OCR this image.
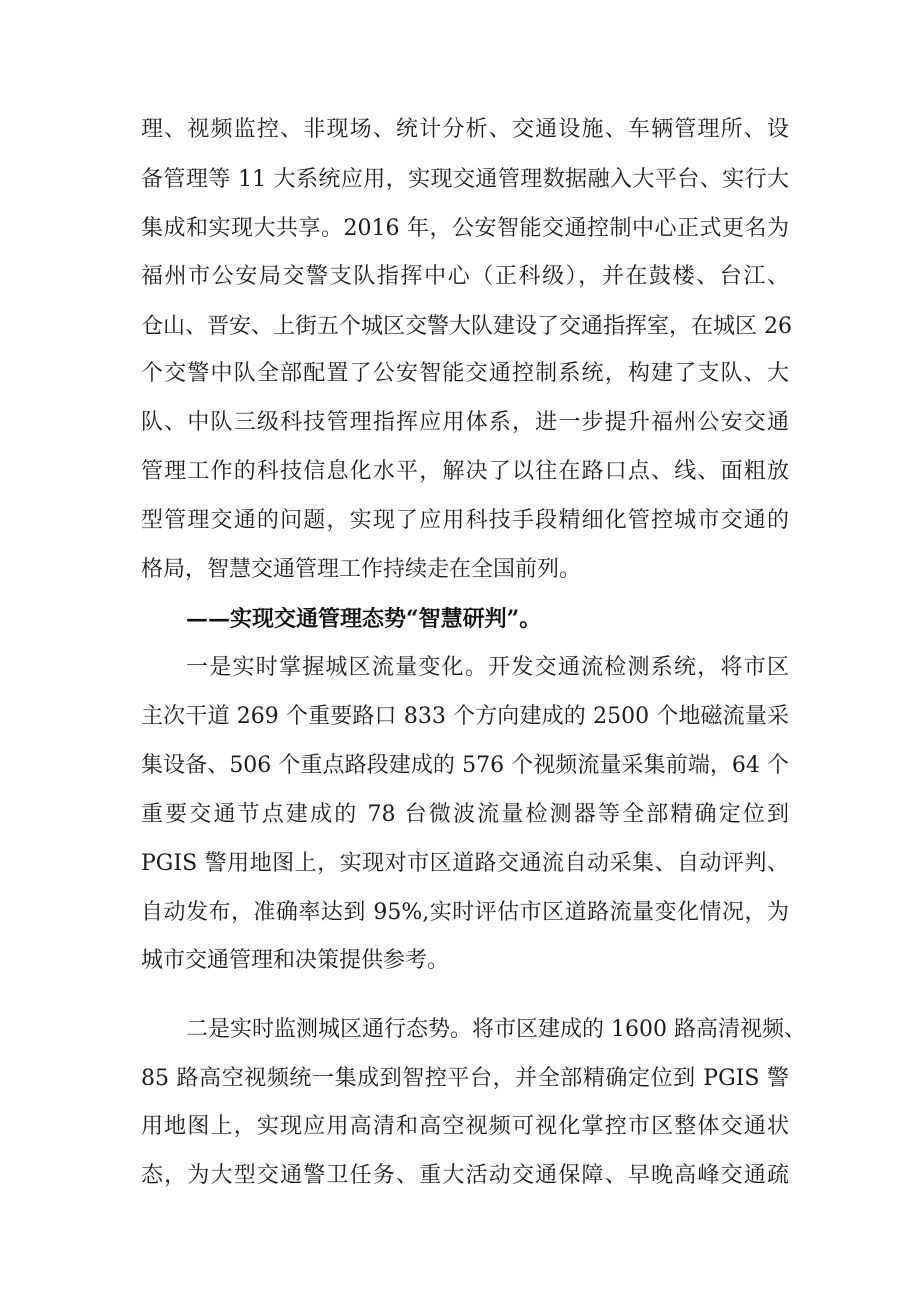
理、视频监控、非现场、统计分析、交通设施、车辆管理所、设
备管理等 11 大系统应用，实现交通管理数据融入大平台、实行大
集成和实现大共享。2016 年，公安智能交通控制中心正式更名为
福州市公安局交警支队指挥中心（正科级），并在鼓楼、台江、
仓山、晋安、上街五个城区交警大队建设了交通指挥室，在城区 26
个交警中队全部配置了公安智能交通控制系统，构建了支队、大
队、中队三级科技管理指挥应用体系，进一步提升福州公安交通
管理工作的科技信息化水平，解决了以往在路口点、线、面粗放
型管理交通的问题，实现了应用科技手段精细化管控城市交通的
格局，智慧交通管理工作持续走在全国前列。
——实现交通管理态势“智慧研判”。
一是实时掌握城区流量变化。开发交通流检测系统，将市区
主次干道 269 个重要路口 833 个方向建成的 2500 个地磁流量采
集设备、506 个重点路段建成的 576 个视频流量采集前端，64 个
重要交通节点建成的 78 台微波流量检测器等全部精确定位到
PGIS 警用地图上，实现对市区道路交通流自动采集、自动评判、
自动发布，准确率达到 95%,实时评估市区道路流量变化情况，为
城市交通管理和决策提供参考。
二是实时监测城区通行态势。将市区建成的 1600 路高清视频、
85 路高空视频统一集成到智控平台，并全部精确定位到 PGIS 警
用地图上，实现应用高清和高空视频可视化掌控市区整体交通状
态，为大型交通警卫任务、重大活动交通保障、早晚高峰交通疏
